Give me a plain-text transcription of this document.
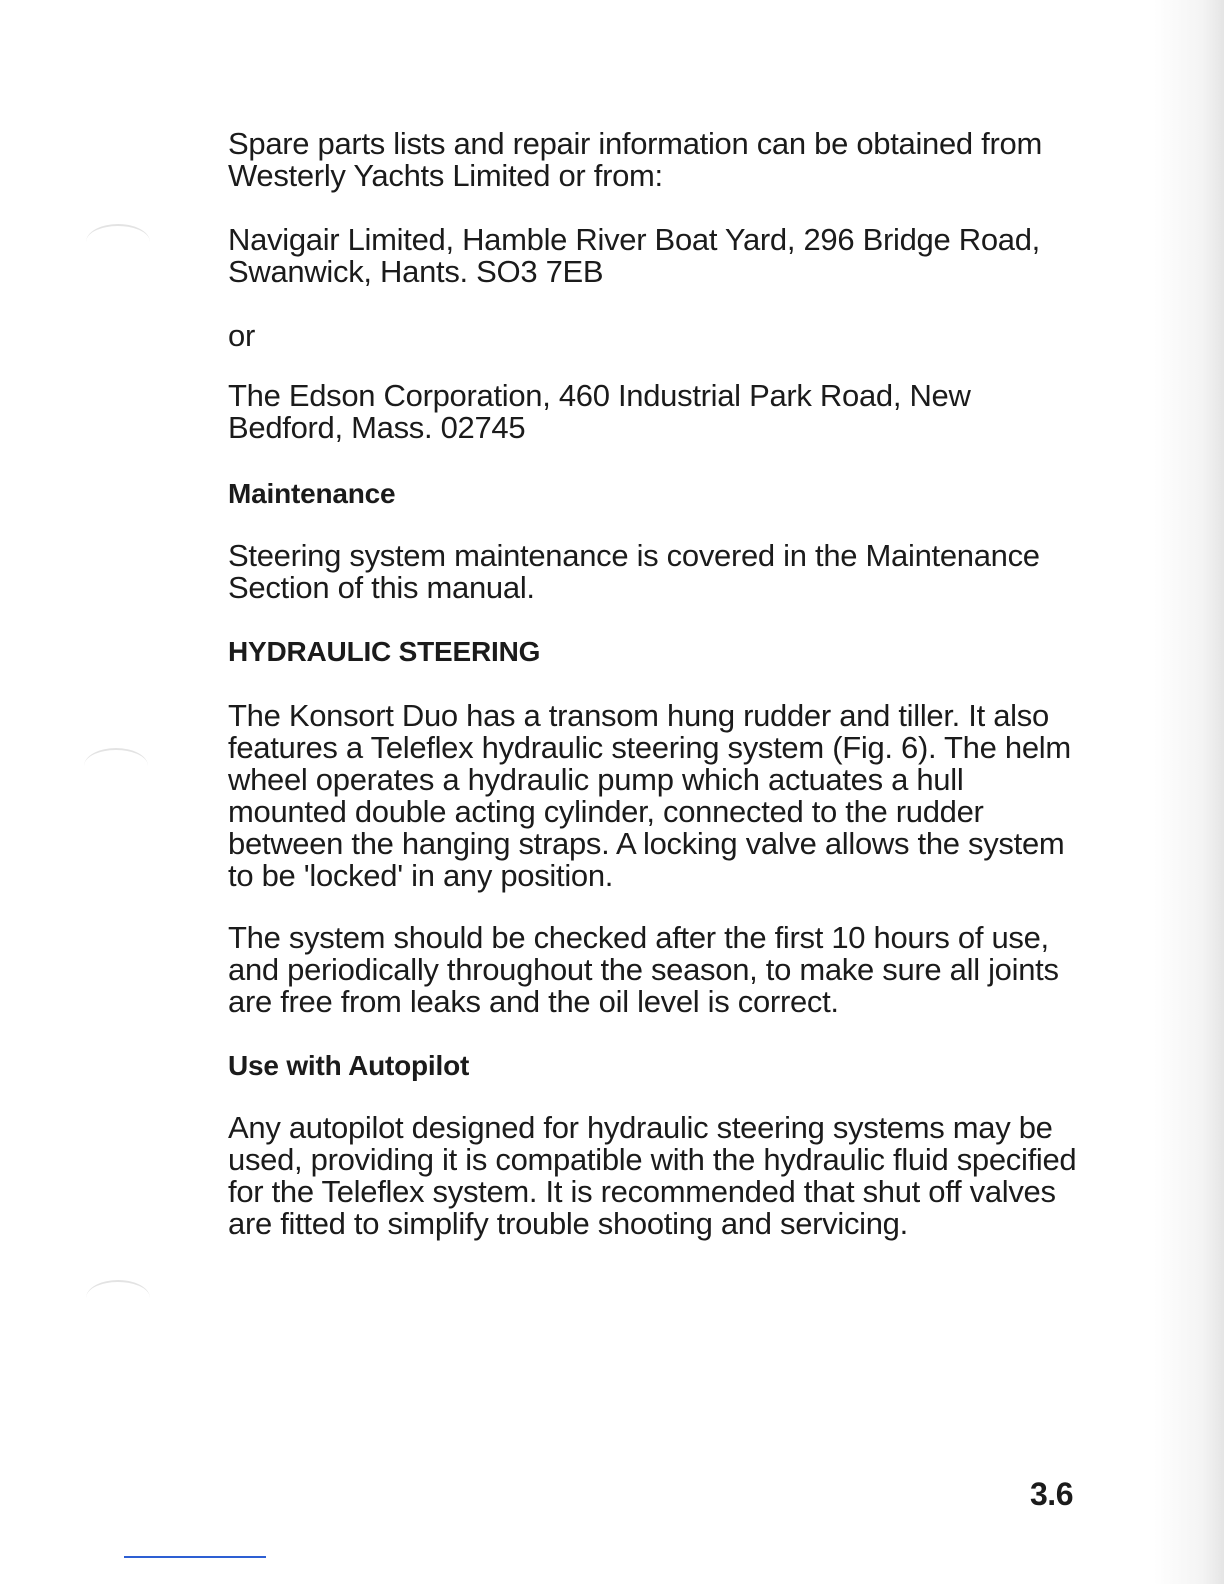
Spare parts lists and repair information can be obtained from Westerly Yachts Limited or from:

Navigair Limited, Hamble River Boat Yard, 296 Bridge Road, Swanwick, Hants. SO3 7EB

or

The Edson Corporation, 460 Industrial Park Road, New Bedford, Mass. 02745

Maintenance

Steering system maintenance is covered in the Maintenance Section of this manual.

HYDRAULIC STEERING

The Konsort Duo has a transom hung rudder and tiller. It also features a Teleflex hydraulic steering system (Fig. 6). The helm wheel operates a hydraulic pump which actuates a hull mounted double acting cylinder, connected to the rudder between the hanging straps. A locking valve allows the system to be 'locked' in any position.

The system should be checked after the first 10 hours of use, and periodically throughout the season, to make sure all joints are free from leaks and the oil level is correct.

Use with Autopilot

Any autopilot designed for hydraulic steering systems may be used, providing it is compatible with the hydraulic fluid specified for the Teleflex system. It is recommended that shut off valves are fitted to simplify trouble shooting and servicing.

3.6
